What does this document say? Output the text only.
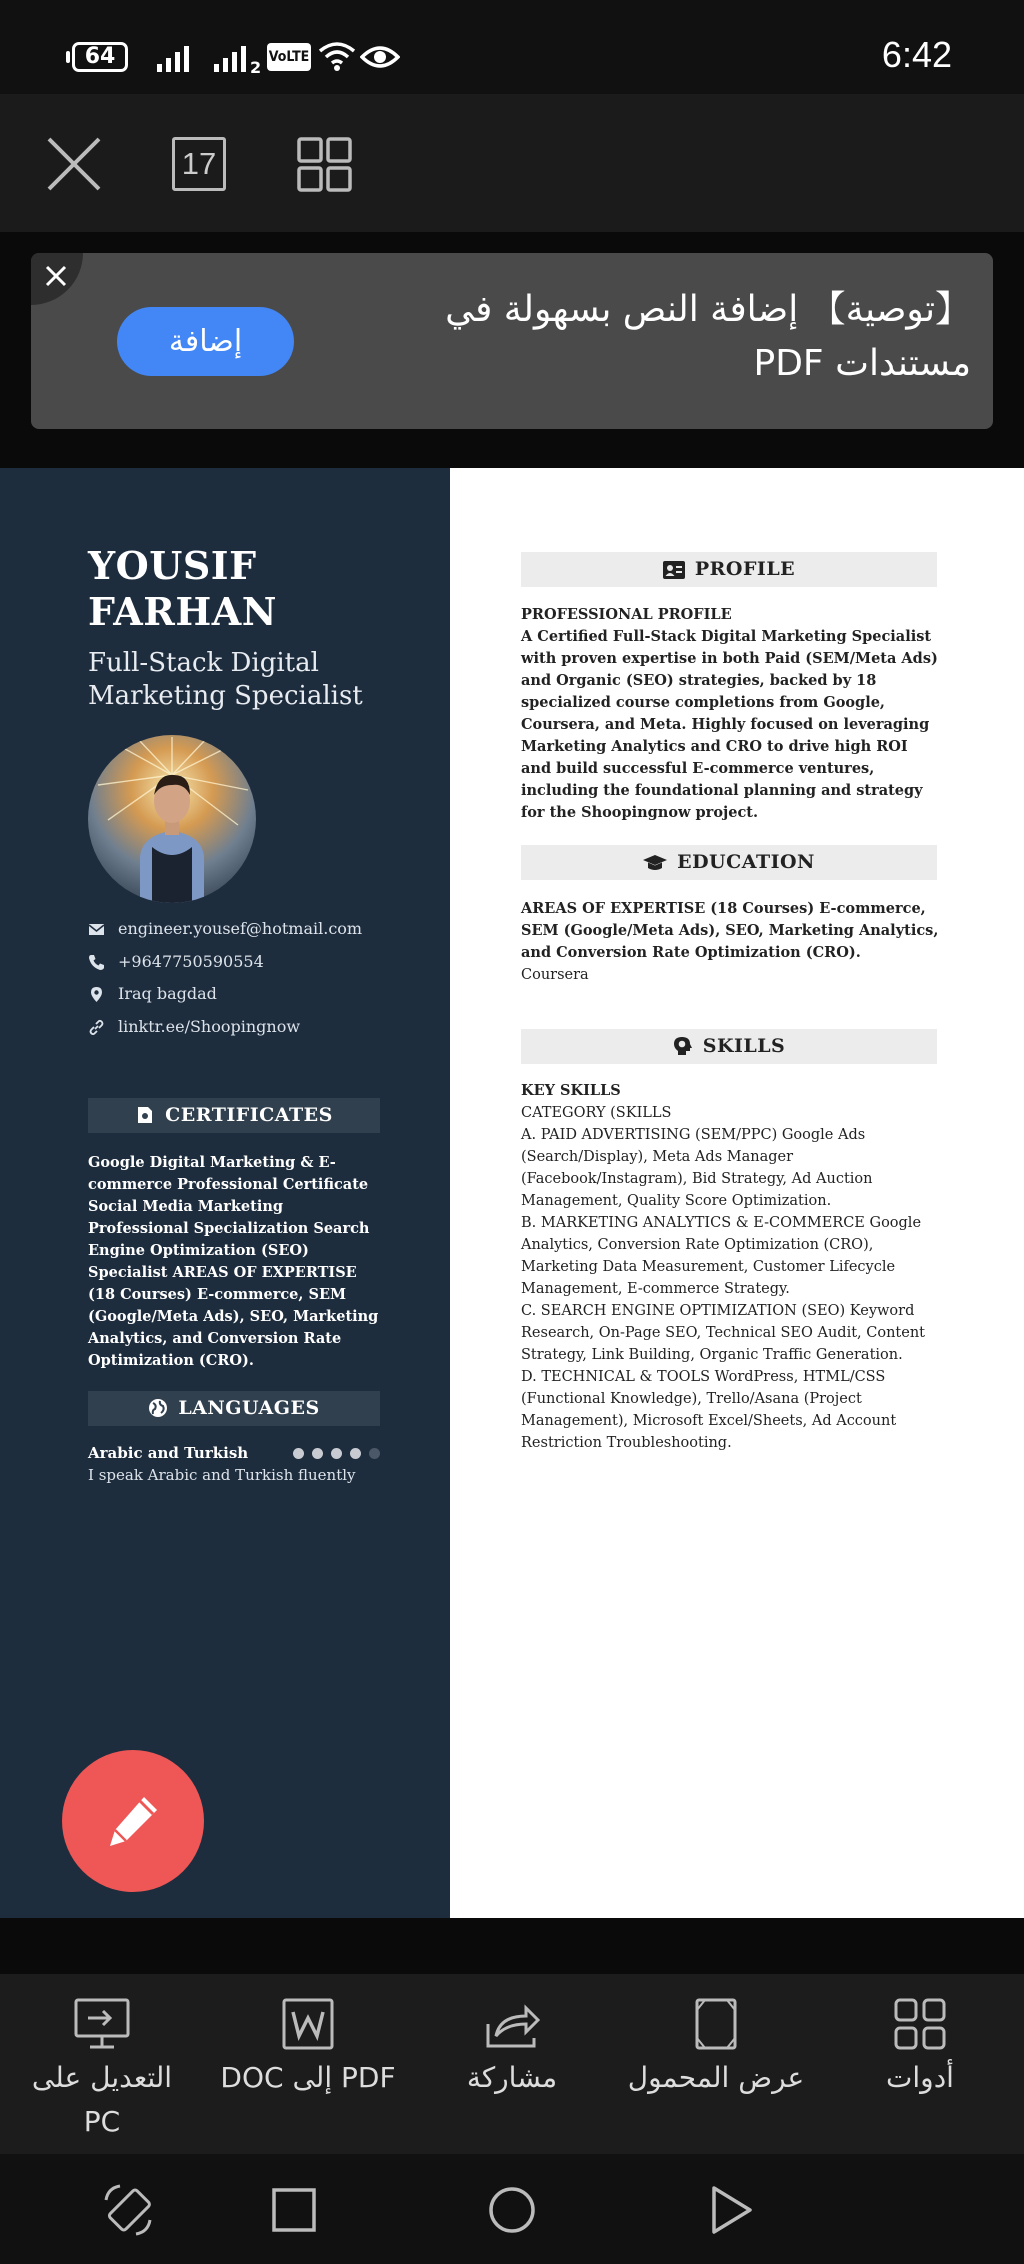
64	2
VoLTE	6:42
17
إضافة
【توصية】 إضافة النص بسهولة في مستندات PDF
YOUSIF FARHAN
Full-Stack Digital Marketing Specialist
engineer.yousef@hotmail.com
+9647750590554
Iraq bagdad
linktr.ee/Shoopingnow
CERTIFICATES
Google Digital Marketing & E-commerce Professional Certificate Social Media Marketing Professional Specialization Search Engine Optimization (SEO) Specialist AREAS OF EXPERTISE (18 Courses) E-commerce, SEM (Google/Meta Ads), SEO, Marketing Analytics, and Conversion Rate Optimization (CRO).
LANGUAGES
Arabic and Turkish
I speak Arabic and Turkish fluently
PROFILE
PROFESSIONAL PROFILE
A Certified Full-Stack Digital Marketing Specialist with proven expertise in both Paid (SEM/Meta Ads) and Organic (SEO) strategies, backed by 18 specialized course completions from Google, Coursera, and Meta. Highly focused on leveraging Marketing Analytics and CRO to drive high ROI and build successful E-commerce ventures, including the foundational planning and strategy for the Shoopingnow project.
EDUCATION
AREAS OF EXPERTISE (18 Courses) E-commerce, SEM (Google/Meta Ads), SEO, Marketing Analytics, and Conversion Rate Optimization (CRO).
Coursera
SKILLS
KEY SKILLS
CATEGORY (SKILLS
A. PAID ADVERTISING (SEM/PPC) Google Ads (Search/Display), Meta Ads Manager (Facebook/Instagram), Bid Strategy, Ad Auction Management, Quality Score Optimization.
B. MARKETING ANALYTICS & E-COMMERCE Google Analytics, Conversion Rate Optimization (CRO), Marketing Data Measurement, Customer Lifecycle Management, E-commerce Strategy.
C. SEARCH ENGINE OPTIMIZATION (SEO) Keyword Research, On-Page SEO, Technical SEO Audit, Content Strategy, Link Building, Organic Traffic Generation.
D. TECHNICAL & TOOLS WordPress, HTML/CSS (Functional Knowledge), Trello/Asana (Project Management), Microsoft Excel/Sheets, Ad Account Restriction Troubleshooting.
التعديل على PC
PDF إلى DOC	مشاركة	عرض المحمول	أدوات
